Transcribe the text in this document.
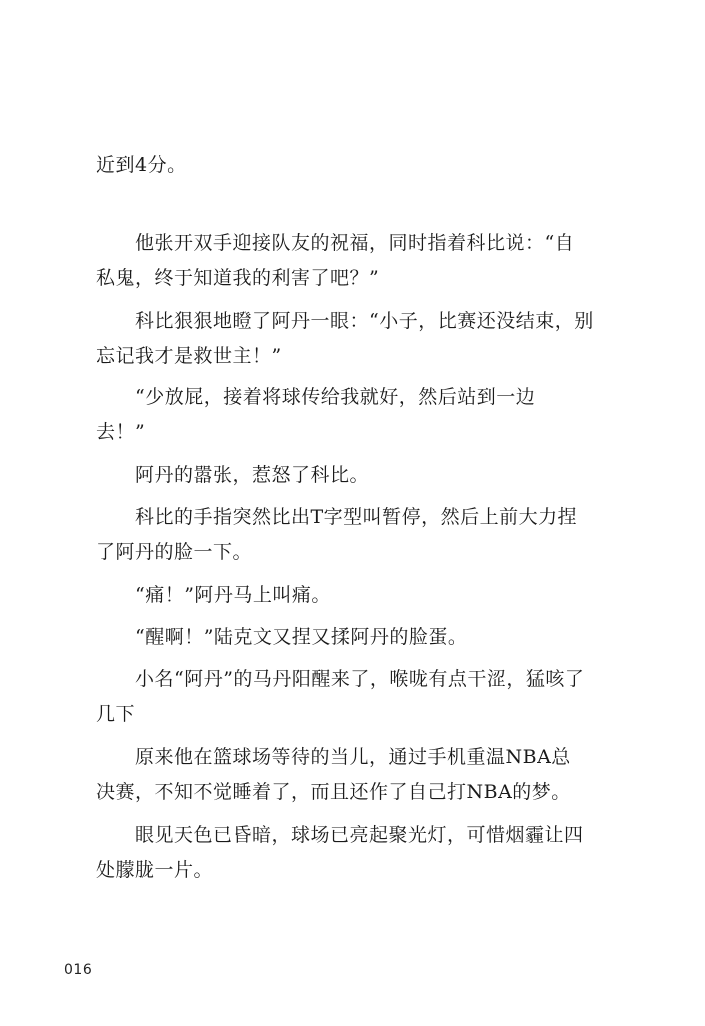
近到4分。

　　他张开双手迎接队友的祝福，同时指着科比说：“自
私鬼，终于知道我的利害了吧？”

　　科比狠狠地瞪了阿丹一眼：“小子，比赛还没结束，别
忘记我才是救世主！”

　　“少放屁，接着将球传给我就好，然后站到一边
去！”

　　阿丹的嚣张，惹怒了科比。

　　科比的手指突然比出T字型叫暂停，然后上前大力捏
了阿丹的脸一下。

　　“痛！”阿丹马上叫痛。

　　“醒啊！”陆克文又捏又揉阿丹的脸蛋。

　　小名“阿丹”的马丹阳醒来了，喉咙有点干涩，猛咳了
几下

　　原来他在篮球场等待的当儿，通过手机重温NBA总
决赛，不知不觉睡着了，而且还作了自己打NBA的梦。

　　眼见天色已昏暗，球场已亮起聚光灯，可惜烟霾让四
处朦胧一片。

016
